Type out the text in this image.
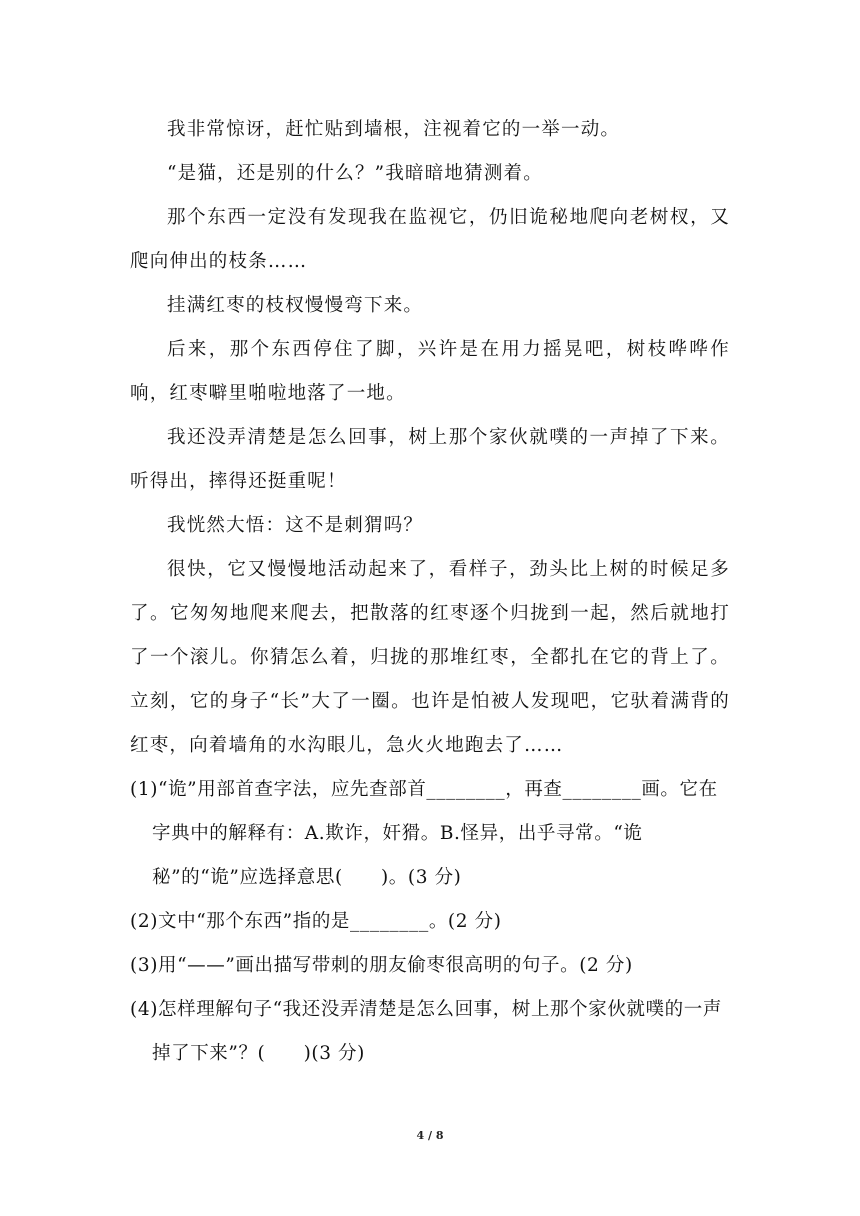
我非常惊讶，赶忙贴到墙根，注视着它的一举一动。

“是猫，还是别的什么？”我暗暗地猜测着。

那个东西一定没有发现我在监视它，仍旧诡秘地爬向老树杈，又爬向伸出的枝条……

挂满红枣的枝杈慢慢弯下来。

后来，那个东西停住了脚，兴许是在用力摇晃吧，树枝哗哗作响，红枣噼里啪啦地落了一地。

我还没弄清楚是怎么回事，树上那个家伙就噗的一声掉了下来。听得出，摔得还挺重呢！

我恍然大悟：这不是刺猬吗？

很快，它又慢慢地活动起来了，看样子，劲头比上树的时候足多了。它匆匆地爬来爬去，把散落的红枣逐个归拢到一起，然后就地打了一个滚儿。你猜怎么着，归拢的那堆红枣，全都扎在它的背上了。立刻，它的身子“长”大了一圈。也许是怕被人发现吧，它驮着满背的红枣，向着墙角的水沟眼儿，急火火地跑去了……

(1)“诡”用部首查字法，应先查部首________，再查________画。它在字典中的解释有：A.欺诈，奸猾。B.怪异，出乎寻常。“诡秘”的“诡”应选择意思(　　)。(3 分)

(2)文中“那个东西”指的是________。(2 分)

(3)用“——”画出描写带刺的朋友偷枣很高明的句子。(2 分)

(4)怎样理解句子“我还没弄清楚是怎么回事，树上那个家伙就噗的一声掉了下来”？(　　)(3 分)

4 / 8
